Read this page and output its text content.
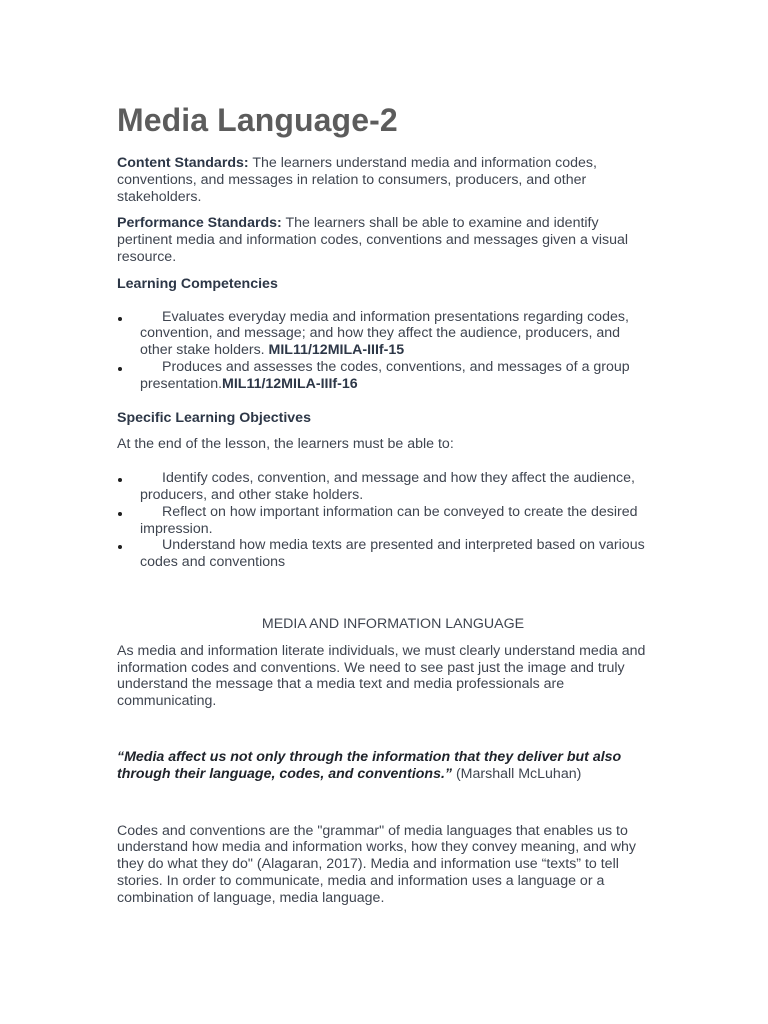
Media Language-2

Content Standards: The learners understand media and information codes, conventions, and messages in relation to consumers, producers, and other stakeholders.

Performance Standards: The learners shall be able to examine and identify pertinent media and information codes, conventions and messages given a visual resource.

Learning Competencies

Evaluates everyday media and information presentations regarding codes, convention, and message; and how they affect the audience, producers, and other stake holders. MIL11/12MILA-IIIf-15
Produces and assesses the codes, conventions, and messages of a group presentation.MIL11/12MILA-IIIf-16

Specific Learning Objectives

At the end of the lesson, the learners must be able to:

Identify codes, convention, and message and how they affect the audience, producers, and other stake holders.
Reflect on how important information can be conveyed to create the desired impression.
Understand how media texts are presented and interpreted based on various codes and conventions

MEDIA AND INFORMATION LANGUAGE

As media and information literate individuals, we must clearly understand media and information codes and conventions. We need to see past just the image and truly understand the message that a media text and media professionals are communicating.

“Media affect us not only through the information that they deliver but also through their language, codes, and conventions.” (Marshall McLuhan)

Codes and conventions are the "grammar" of media languages that enables us to understand how media and information works, how they convey meaning, and why they do what they do" (Alagaran, 2017). Media and information use “texts” to tell stories. In order to communicate, media and information uses a language or a combination of language, media language.
